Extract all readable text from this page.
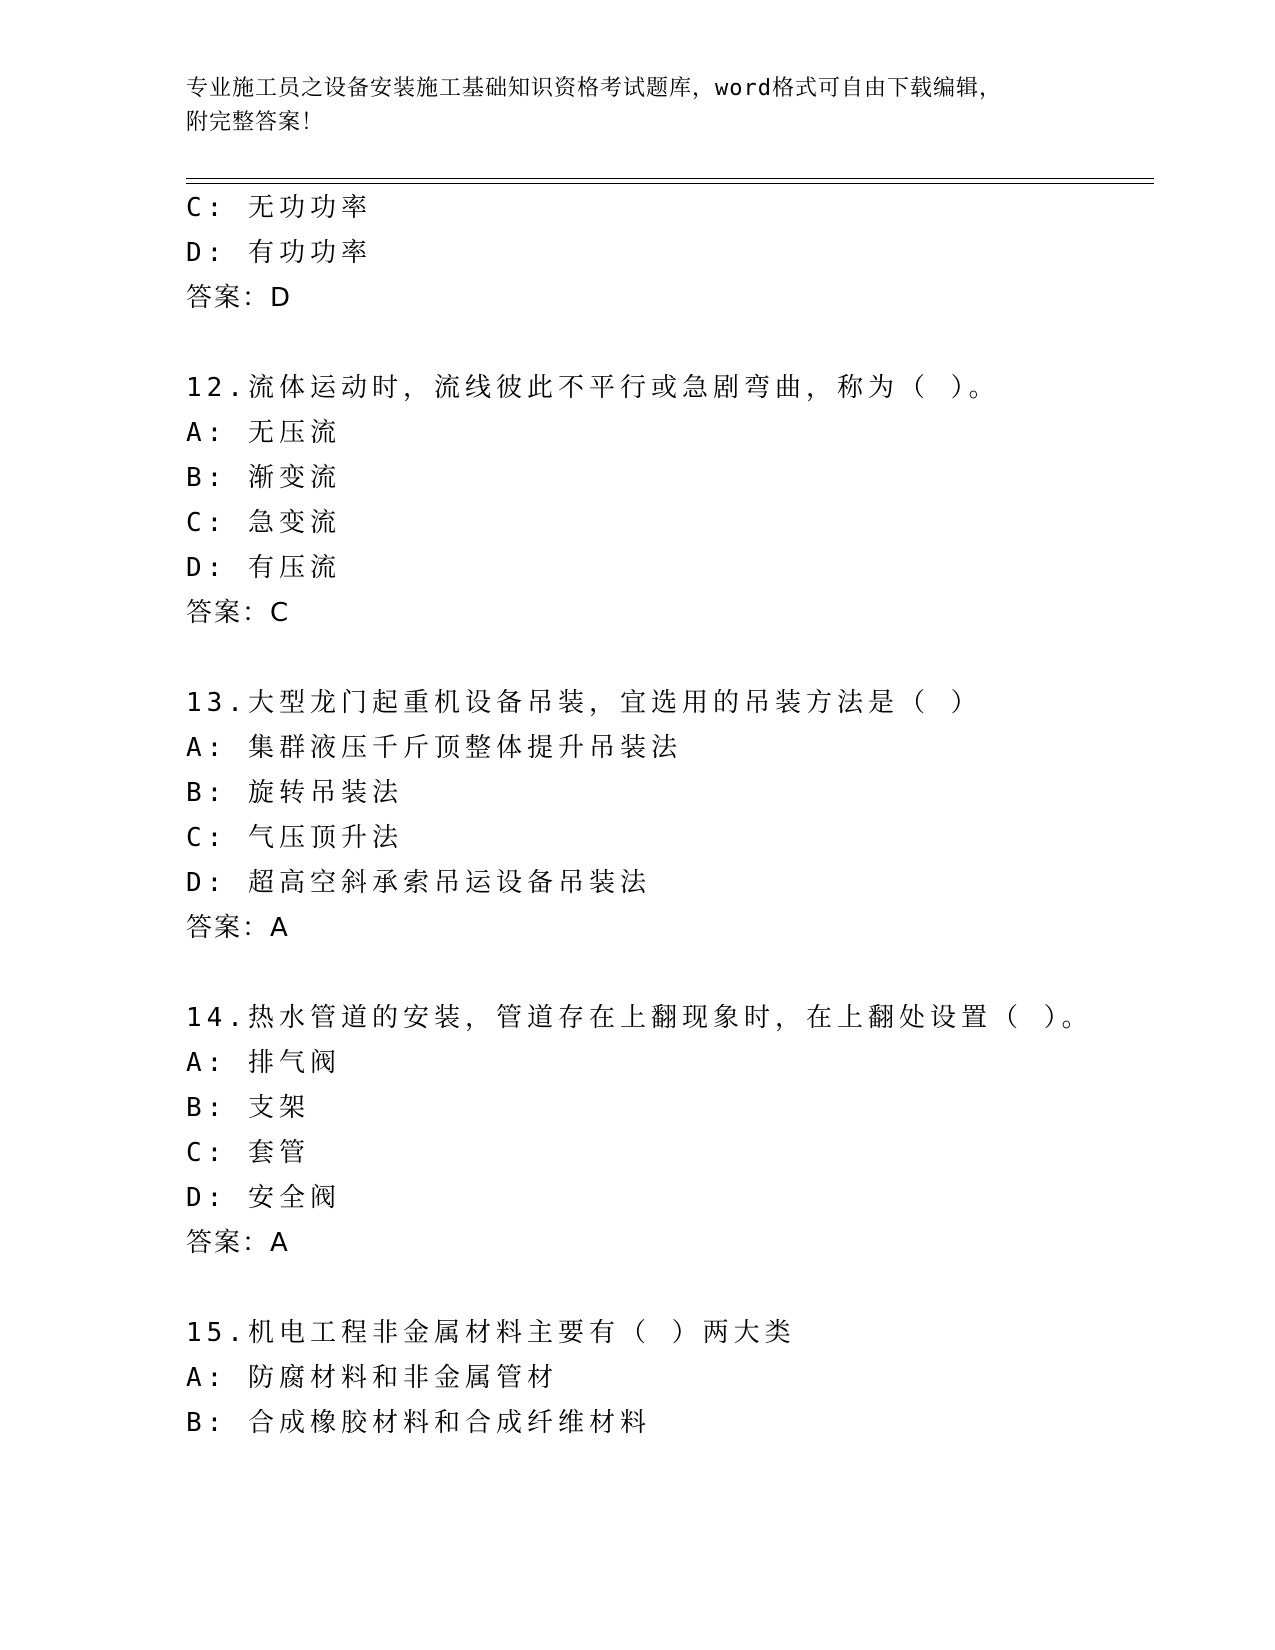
专业施工员之设备安装施工基础知识资格考试题库，word格式可自由下载编辑，
附完整答案！
C: 无功功率
D: 有功功率
答案：D
12.流体运动时，流线彼此不平行或急剧弯曲，称为（ ）。
A: 无压流
B: 渐变流
C: 急变流
D: 有压流
答案：C
13.大型龙门起重机设备吊装，宜选用的吊装方法是（ ）
A: 集群液压千斤顶整体提升吊装法
B: 旋转吊装法
C: 气压顶升法
D: 超高空斜承索吊运设备吊装法
答案：A
14.热水管道的安装，管道存在上翻现象时，在上翻处设置（ ）。
A: 排气阀
B: 支架
C: 套管
D: 安全阀
答案：A
15.机电工程非金属材料主要有（ ）两大类
A: 防腐材料和非金属管材
B: 合成橡胶材料和合成纤维材料
